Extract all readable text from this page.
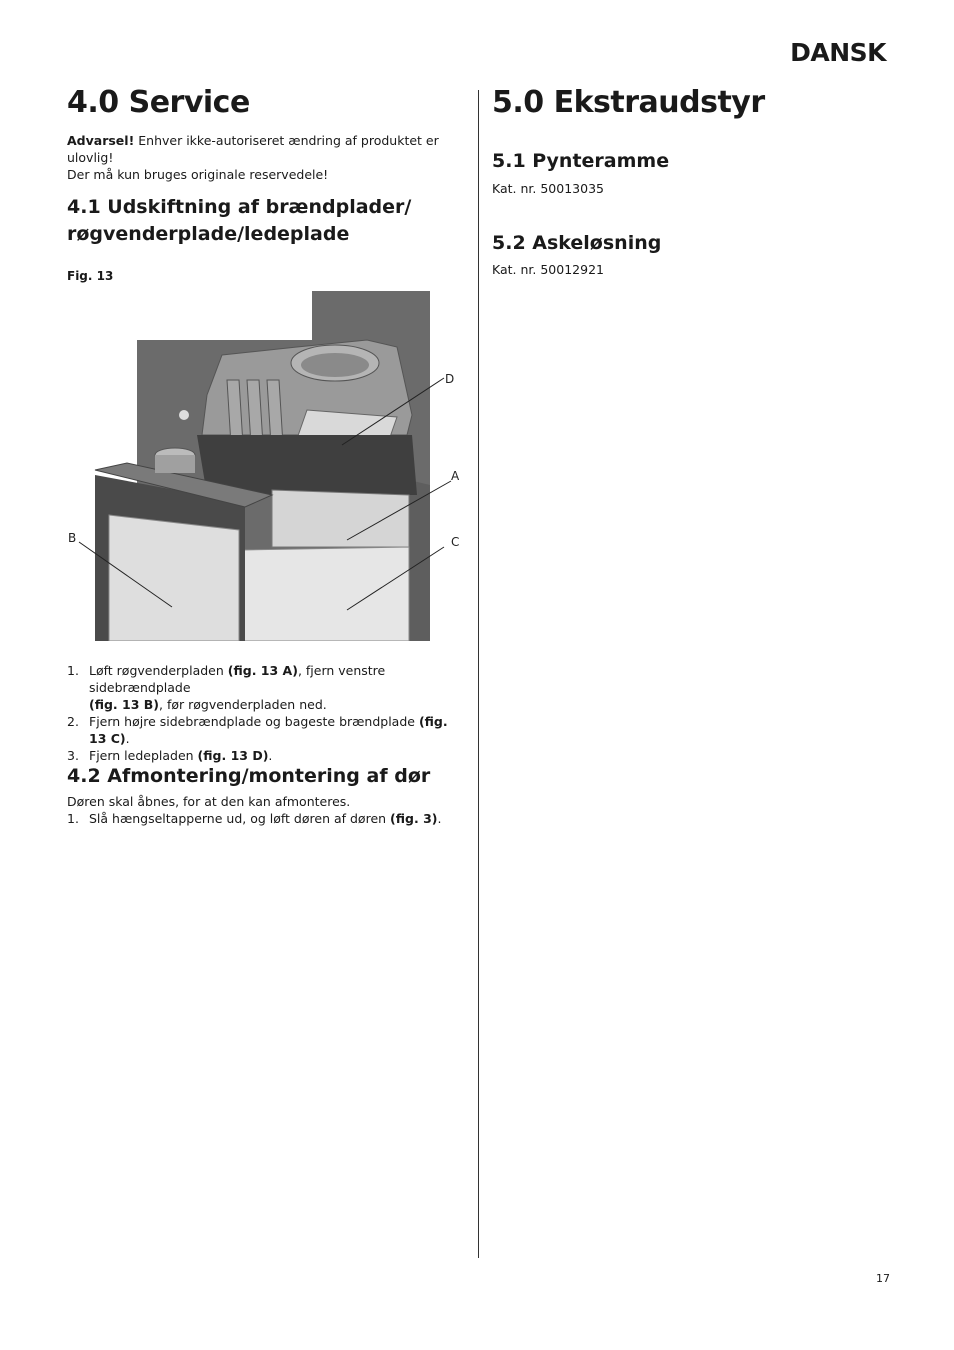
DANSK
4.0 Service

Advarsel! Enhver ikke-autoriseret ændring af produktet er ulovlig!
Der må kun bruges originale reservedele!

4.1 Udskiftning af brændplader/
røgvenderplade/ledeplade
Fig. 13
D
A
C
B
1. Løft røgvenderpladen (fig. 13 A), fjern venstre sidebrændplade
(fig. 13 B), før røgvenderpladen ned.
2. Fjern højre sidebrændplade og bageste brændplade (fig. 13 C).
3. Fjern ledepladen (fig. 13 D).
4.2 Afmontering/montering af dør

Døren skal åbnes, for at den kan afmonteres.

1. Slå hængseltapperne ud, og løft døren af døren (fig. 3).
5.0 Ekstraudstyr
5.1 Pynteramme

Kat. nr. 50013035

5.2 Askeløsning

Kat. nr. 50012921

17
